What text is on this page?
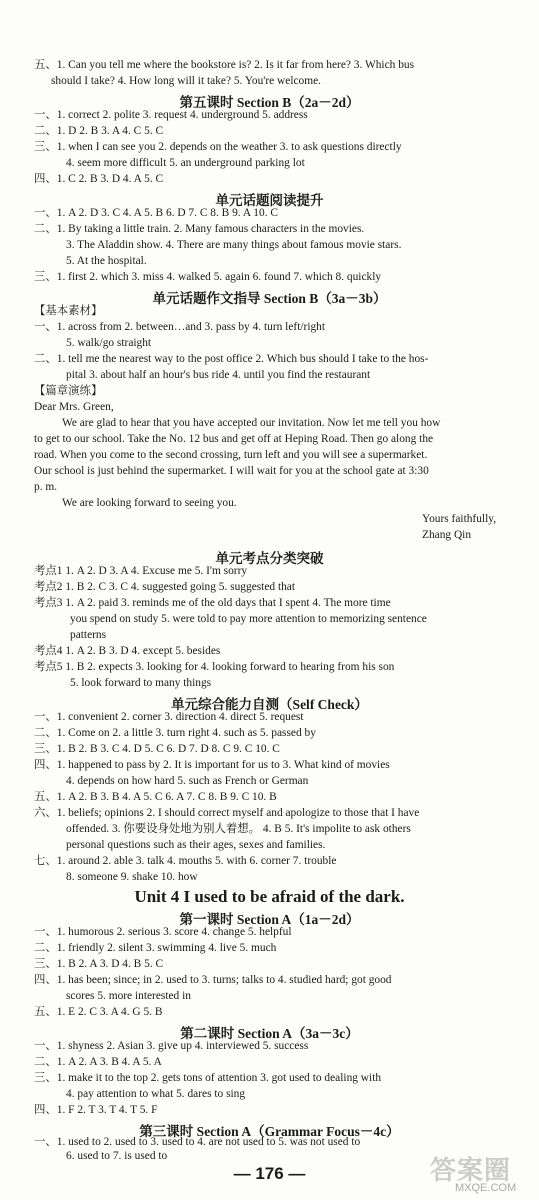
五、1. Can you tell me where the bookstore is? 2. Is it far from here? 3. Which bus
should I take? 4. How long will it take? 5. You're welcome.
第五课时 Section B（2a－2d）
一、1. correct 2. polite 3. request 4. underground 5. address
二、1. D 2. B 3. A 4. C 5. C
三、1. when I can see you 2. depends on the weather 3. to ask questions directly
4. seem more difficult 5. an underground parking lot
四、1. C 2. B 3. D 4. A 5. C
单元话题阅读提升
一、1. A 2. D 3. C 4. A 5. B 6. D 7. C 8. B 9. A 10. C
二、1. By taking a little train. 2. Many famous characters in the movies.
3. The Aladdin show. 4. There are many things about famous movie stars.
5. At the hospital.
三、1. first 2. which 3. miss 4. walked 5. again 6. found 7. which 8. quickly
单元话题作文指导 Section B（3a－3b）
【基本素材】
一、1. across from 2. between…and 3. pass by 4. turn left/right
5. walk/go straight
二、1. tell me the nearest way to the post office 2. Which bus should I take to the hos-
pital 3. about half an hour's bus ride 4. until you find the restaurant
【篇章演练】
Dear Mrs. Green,
We are glad to hear that you have accepted our invitation. Now let me tell you how
to get to our school. Take the No. 12 bus and get off at Heping Road. Then go along the
road. When you come to the second crossing, turn left and you will see a supermarket.
Our school is just behind the supermarket. I will wait for you at the school gate at 3:30
p. m.
We are looking forward to seeing you.
Yours faithfully,
Zhang Qin
单元考点分类突破
考点1 1. A 2. D 3. A 4. Excuse me 5. I'm sorry
考点2 1. B 2. C 3. C 4. suggested going 5. suggested that
考点3 1. A 2. paid 3. reminds me of the old days that I spent 4. The more time
you spend on study 5. were told to pay more attention to memorizing sentence
patterns
考点4 1. A 2. B 3. D 4. except 5. besides
考点5 1. B 2. expects 3. looking for 4. looking forward to hearing from his son
5. look forward to many things
单元综合能力自测（Self Check）
一、1. convenient 2. corner 3. direction 4. direct 5. request
二、1. Come on 2. a little 3. turn right 4. such as 5. passed by
三、1. B 2. B 3. C 4. D 5. C 6. D 7. D 8. C 9. C 10. C
四、1. happened to pass by 2. It is important for us to 3. What kind of movies
4. depends on how hard 5. such as French or German
五、1. A 2. B 3. B 4. A 5. C 6. A 7. C 8. B 9. C 10. B
六、1. beliefs; opinions 2. I should correct myself and apologize to those that I have
offended. 3. 你要设身处地为别人着想。 4. B 5. It's impolite to ask others
personal questions such as their ages, sexes and families.
七、1. around 2. able 3. talk 4. mouths 5. with 6. corner 7. trouble
8. someone 9. shake 10. how
Unit 4 I used to be afraid of the dark.
第一课时 Section A（1a－2d）
一、1. humorous 2. serious 3. score 4. change 5. helpful
二、1. friendly 2. silent 3. swimming 4. live 5. much
三、1. B 2. A 3. D 4. B 5. C
四、1. has been; since; in 2. used to 3. turns; talks to 4. studied hard; got good
scores 5. more interested in
五、1. E 2. C 3. A 4. G 5. B
第二课时 Section A（3a－3c）
一、1. shyness 2. Asian 3. give up 4. interviewed 5. success
二、1. A 2. A 3. B 4. A 5. A
三、1. make it to the top 2. gets tons of attention 3. got used to dealing with
4. pay attention to what 5. dares to sing
四、1. F 2. T 3. T 4. T 5. F
第三课时 Section A（Grammar Focus－4c）
一、1. used to 2. used to 3. used to 4. are not used to 5. was not used to
6. used to 7. is used to
— 176 —	答案圈
MXQE.COM
